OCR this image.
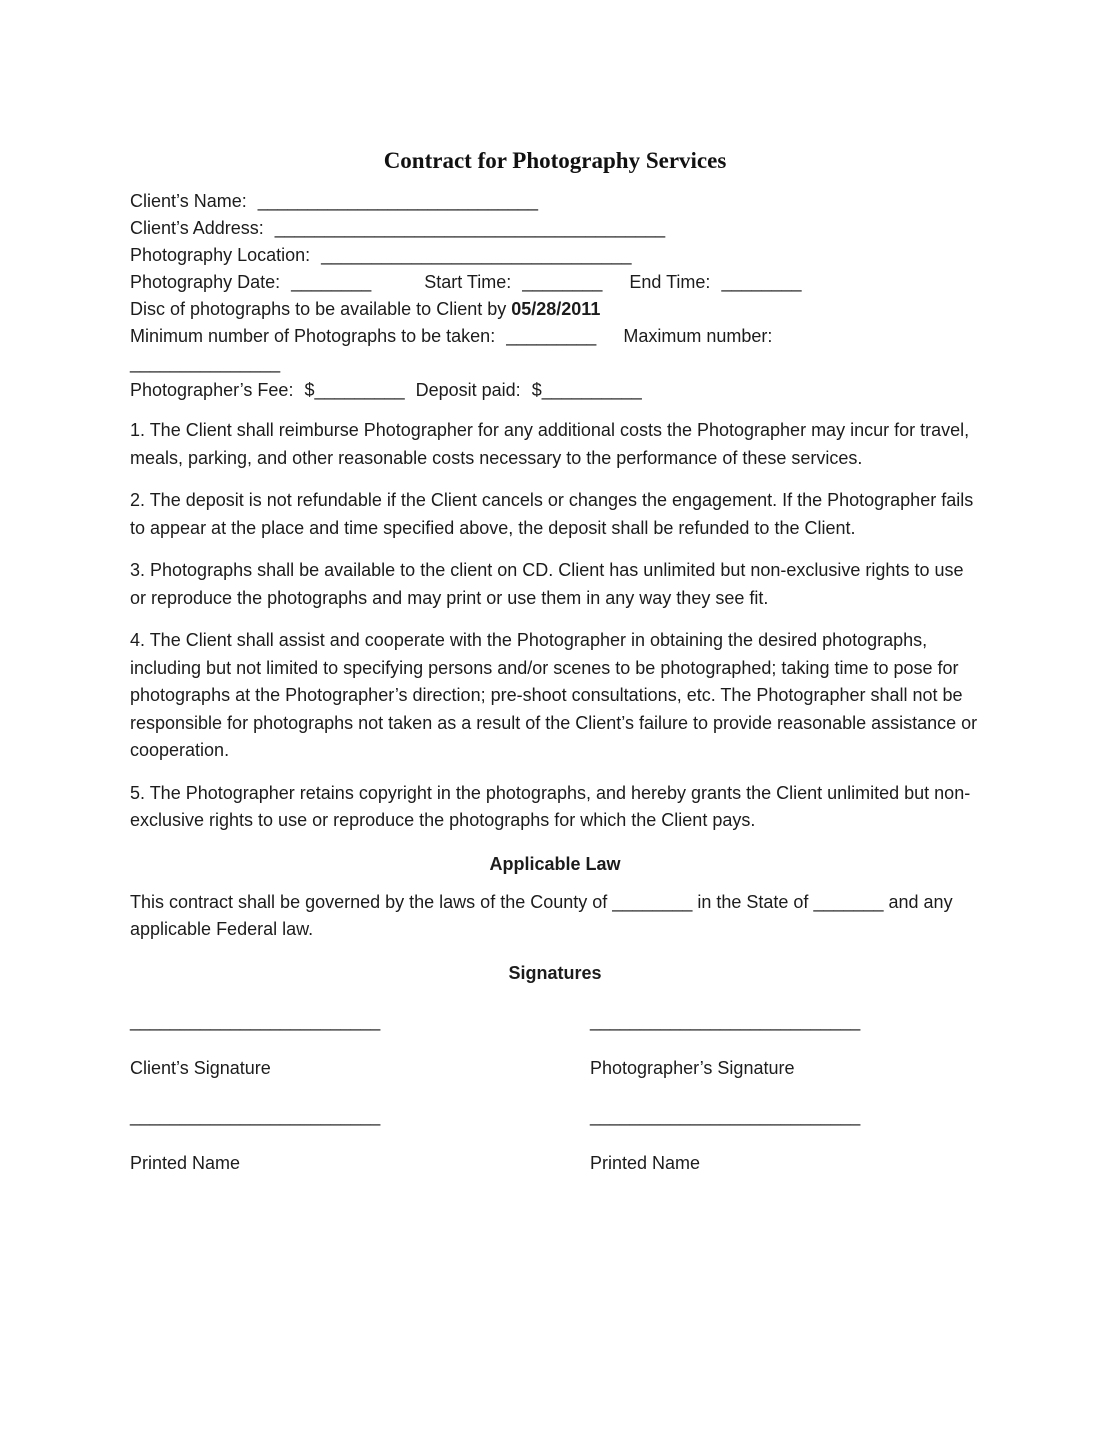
Contract for Photography Services
Client’s Name: ____________________________
Client’s Address: _______________________________________
Photography Location: _______________________________
Photography Date: ________	Start Time: ________ End Time: ________
Disc of photographs to be available to Client by 05/28/2011
Minimum number of Photographs to be taken: _________ Maximum number:
_______________
Photographer’s Fee: $_________ Deposit paid: $__________

1. The Client shall reimburse Photographer for any additional costs the Photographer may incur for travel, meals, parking, and other reasonable costs necessary to the performance of these services.

2. The deposit is not refundable if the Client cancels or changes the engagement. If the Photographer fails to appear at the place and time specified above, the deposit shall be refunded to the Client.

3. Photographs shall be available to the client on CD. Client has unlimited but non-exclusive rights to use or reproduce the photographs and may print or use them in any way they see fit.

4. The Client shall assist and cooperate with the Photographer in obtaining the desired photographs, including but not limited to specifying persons and/or scenes to be photographed; taking time to pose for photographs at the Photographer’s direction; pre-shoot consultations, etc. The Photographer shall not be responsible for photographs not taken as a result of the Client’s failure to provide reasonable assistance or cooperation.

5. The Photographer retains copyright in the photographs, and hereby grants the Client unlimited but non-exclusive rights to use or reproduce the photographs for which the Client pays.

Applicable Law

This contract shall be governed by the laws of the County of ________ in the State of _______ and any applicable Federal law.

Signatures
_________________________
Client’s Signature
_________________________
Printed Name
___________________________
Photographer’s Signature
___________________________
Printed Name
